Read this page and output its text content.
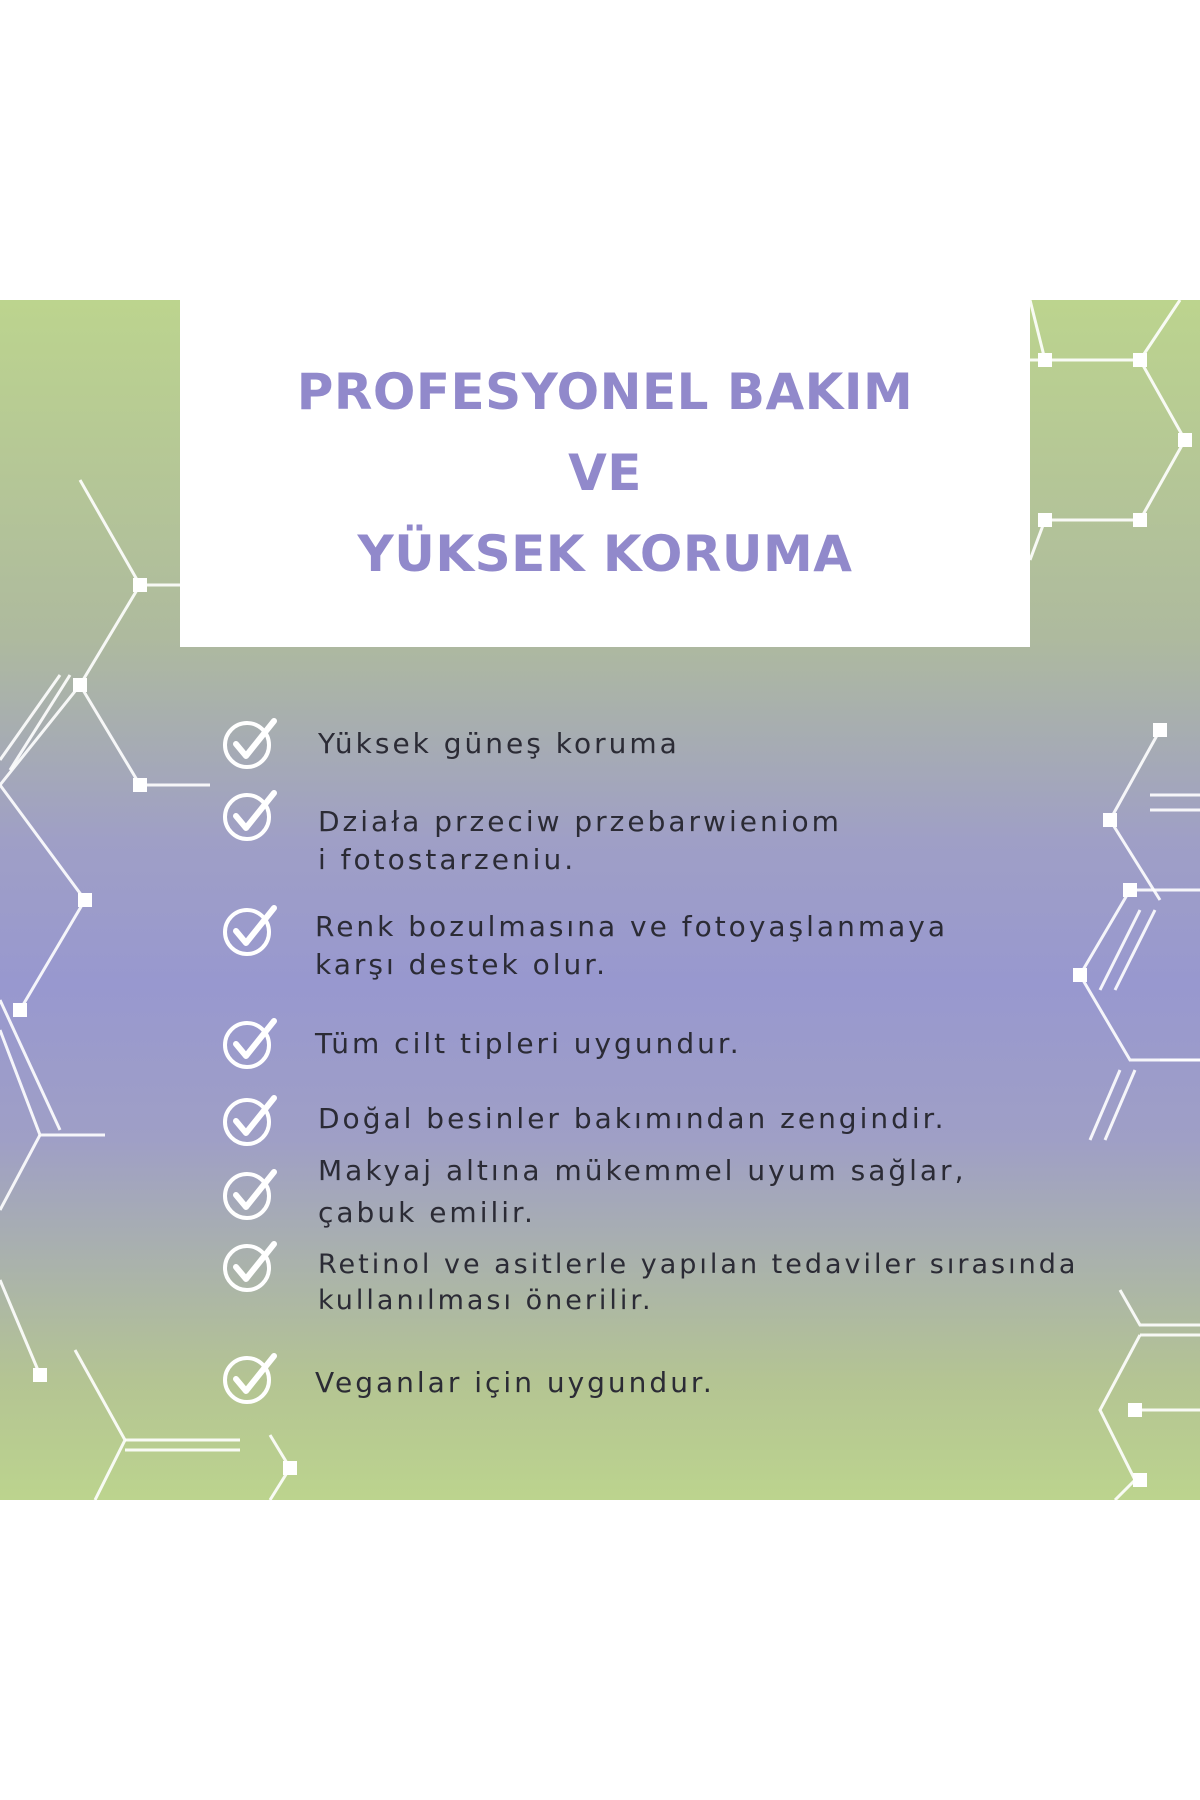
PROFESYONEL BAKIM
VE
YÜKSEK KORUMA
Yüksek güneş koruma
Działa przeciw przebarwieniom
i fotostarzeniu.
Renk bozulmasına ve fotoyaşlanmaya
karşı destek olur.
Tüm cilt tipleri uygundur.
Doğal besinler bakımından zengindir.
Makyaj altına mükemmel uyum sağlar,
çabuk emilir.
Retinol ve asitlerle yapılan tedaviler sırasında
kullanılması önerilir.
Veganlar için uygundur.
